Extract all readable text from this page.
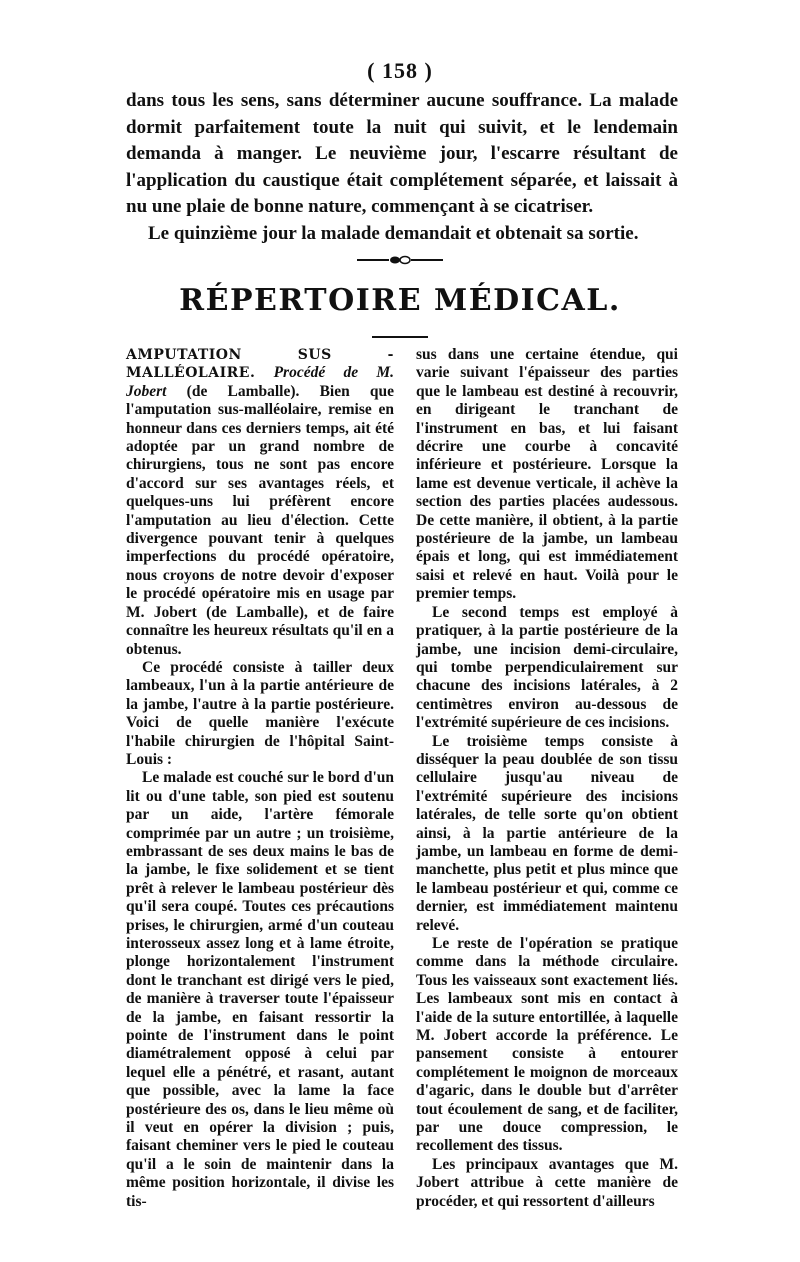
( 158 )

dans tous les sens, sans déterminer aucune souffrance. La malade dormit parfaitement toute la nuit qui suivit, et le lendemain demanda à manger. Le neuvième jour, l'escarre résultant de l'application du caustique était complétement séparée, et laissait à nu une plaie de bonne nature, commençant à se cicatriser.

Le quinzième jour la malade demandait et obtenait sa sortie.

RÉPERTOIRE MÉDICAL.

AMPUTATION SUS - MALLÉOLAIRE. Procédé de M. Jobert (de Lamballe). Bien que l'amputation sus-malléolaire, remise en honneur dans ces derniers temps, ait été adoptée par un grand nombre de chirurgiens, tous ne sont pas encore d'accord sur ses avantages réels, et quelques-uns lui préfèrent encore l'amputation au lieu d'élection. Cette divergence pouvant tenir à quelques imperfections du procédé opératoire, nous croyons de notre devoir d'exposer le procédé opératoire mis en usage par M. Jobert (de Lamballe), et de faire connaître les heureux résultats qu'il en a obtenus.

Ce procédé consiste à tailler deux lambeaux, l'un à la partie antérieure de la jambe, l'autre à la partie postérieure. Voici de quelle manière l'exécute l'habile chirurgien de l'hôpital Saint-Louis :

Le malade est couché sur le bord d'un lit ou d'une table, son pied est soutenu par un aide, l'artère fémorale comprimée par un autre ; un troisième, embrassant de ses deux mains le bas de la jambe, le fixe solidement et se tient prêt à relever le lambeau postérieur dès qu'il sera coupé. Toutes ces précautions prises, le chirurgien, armé d'un couteau interosseux assez long et à lame étroite, plonge horizontalement l'instrument dont le tranchant est dirigé vers le pied, de manière à traverser toute l'épaisseur de la jambe, en faisant ressortir la pointe de l'instrument dans le point diamétralement opposé à celui par lequel elle a pénétré, et rasant, autant que possible, avec la lame la face postérieure des os, dans le lieu même où il veut en opérer la division ; puis, faisant cheminer vers le pied le couteau qu'il a le soin de maintenir dans la même position horizontale, il divise les tis-

sus dans une certaine étendue, qui varie suivant l'épaisseur des parties que le lambeau est destiné à recouvrir, en dirigeant le tranchant de l'instrument en bas, et lui faisant décrire une courbe à concavité inférieure et postérieure. Lorsque la lame est devenue verticale, il achève la section des parties placées audessous. De cette manière, il obtient, à la partie postérieure de la jambe, un lambeau épais et long, qui est immédiatement saisi et relevé en haut. Voilà pour le premier temps.

Le second temps est employé à pratiquer, à la partie postérieure de la jambe, une incision demi-circulaire, qui tombe perpendiculairement sur chacune des incisions latérales, à 2 centimètres environ au-dessous de l'extrémité supérieure de ces incisions.

Le troisième temps consiste à disséquer la peau doublée de son tissu cellulaire jusqu'au niveau de l'extrémité supérieure des incisions latérales, de telle sorte qu'on obtient ainsi, à la partie antérieure de la jambe, un lambeau en forme de demi-manchette, plus petit et plus mince que le lambeau postérieur et qui, comme ce dernier, est immédiatement maintenu relevé.

Le reste de l'opération se pratique comme dans la méthode circulaire. Tous les vaisseaux sont exactement liés. Les lambeaux sont mis en contact à l'aide de la suture entortillée, à laquelle M. Jobert accorde la préférence. Le pansement consiste à entourer complétement le moignon de morceaux d'agaric, dans le double but d'arrêter tout écoulement de sang, et de faciliter, par une douce compression, le recollement des tissus.

Les principaux avantages que M. Jobert attribue à cette manière de procéder, et qui ressortent d'ailleurs
